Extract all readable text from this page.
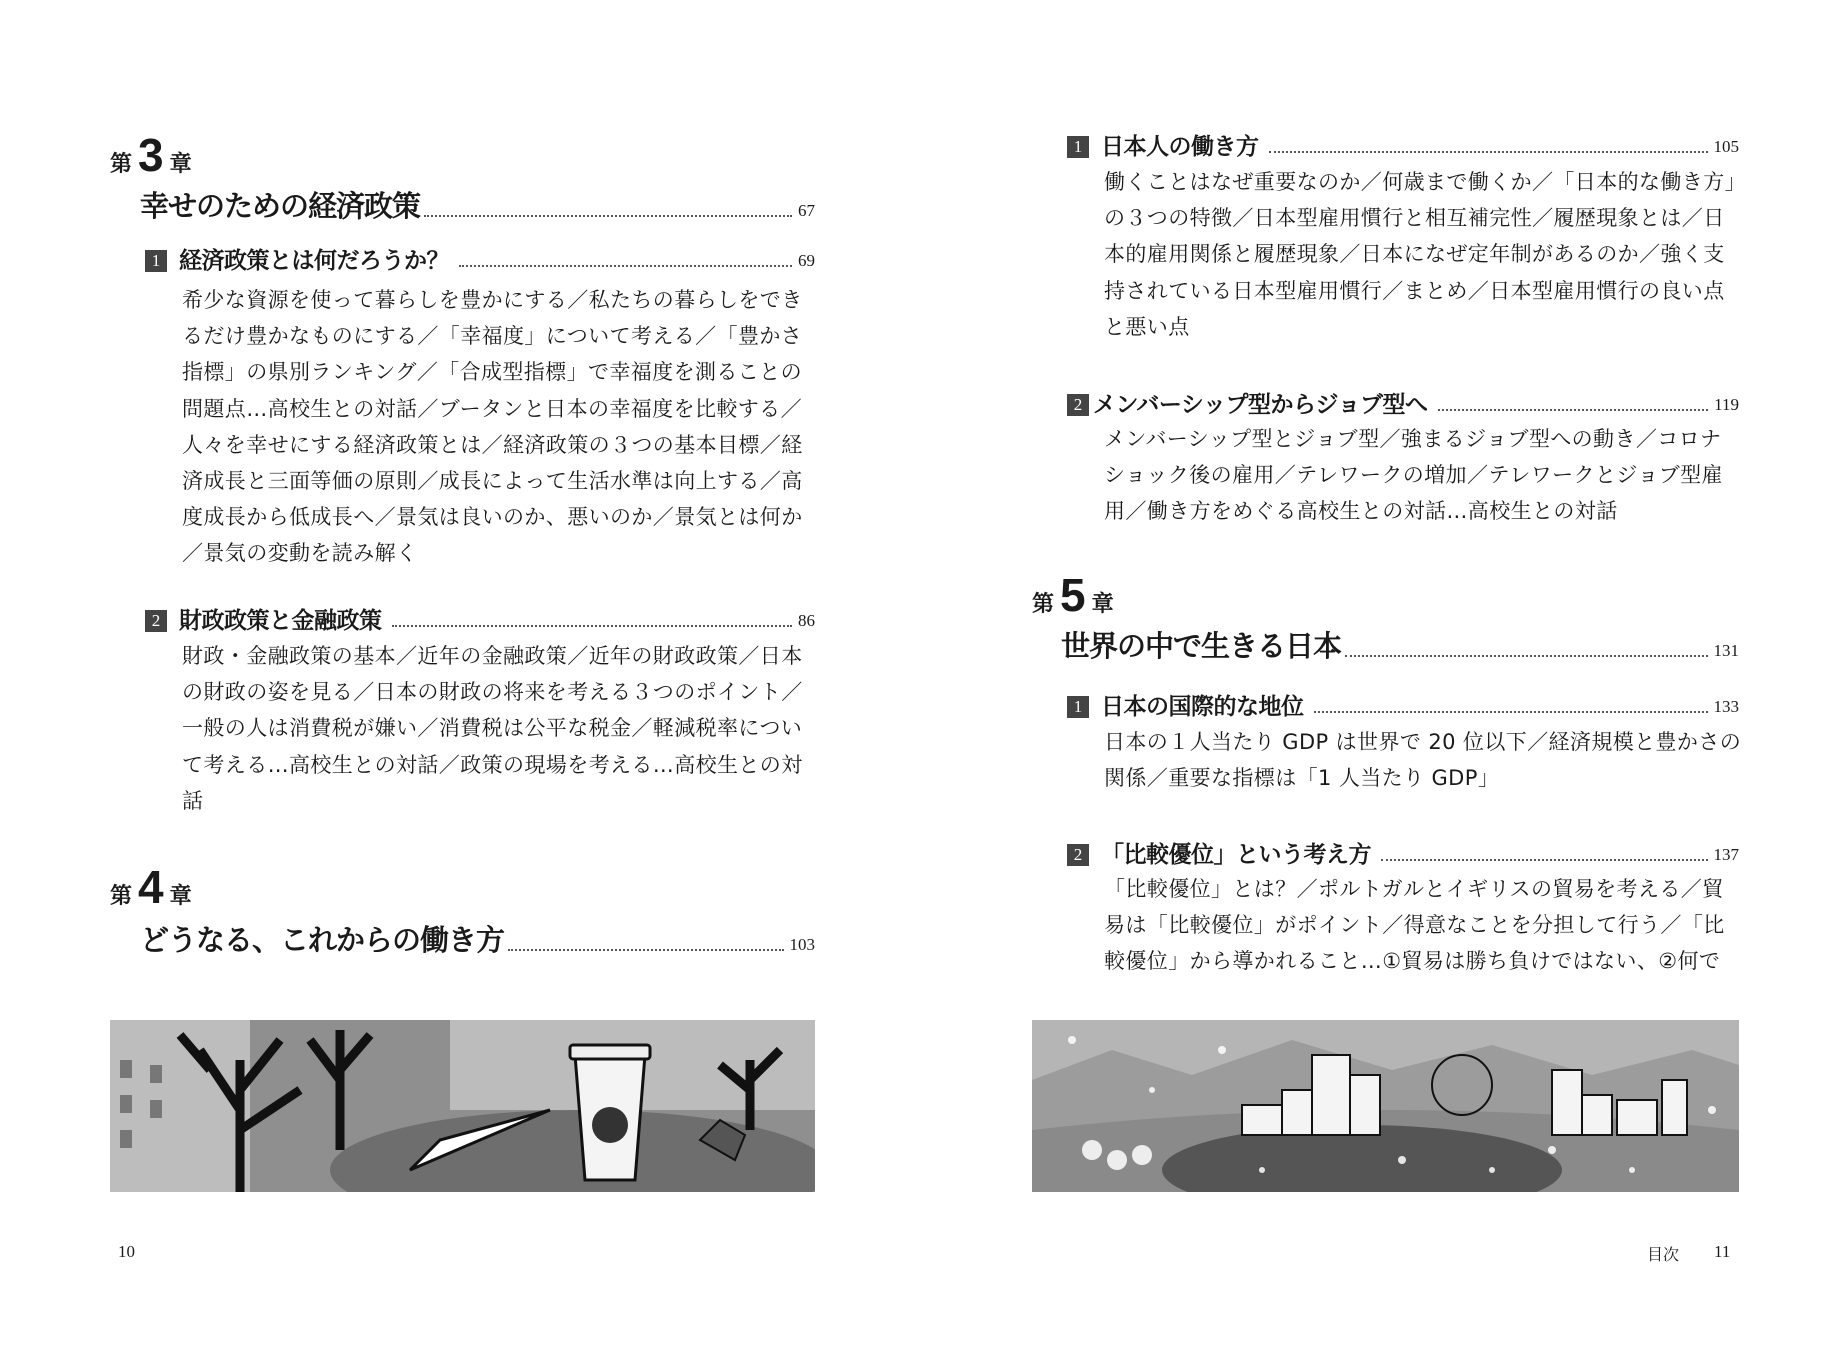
第 3 章
幸せのための経済政策	67
1 経済政策とは何だろうか？	69
希少な資源を使って暮らしを豊かにする／私たちの暮らしをでき
るだけ豊かなものにする／「幸福度」について考える／「豊かさ
指標」の県別ランキング／「合成型指標」で幸福度を測ることの
問題点…高校生との対話／ブータンと日本の幸福度を比較する／
人々を幸せにする経済政策とは／経済政策の３つの基本目標／経
済成長と三面等価の原則／成長によって生活水準は向上する／高
度成長から低成長へ／景気は良いのか、悪いのか／景気とは何か
／景気の変動を読み解く
2 財政政策と金融政策	86
財政・金融政策の基本／近年の金融政策／近年の財政政策／日本
の財政の姿を見る／日本の財政の将来を考える３つのポイント／
一般の人は消費税が嫌い／消費税は公平な税金／軽減税率につい
て考える…高校生との対話／政策の現場を考える…高校生との対
話
第 4 章
どうなる、これからの働き方	103
10
1 日本人の働き方	105
働くことはなぜ重要なのか／何歳まで働くか／「日本的な働き方」
の３つの特徴／日本型雇用慣行と相互補完性／履歴現象とは／日
本的雇用関係と履歴現象／日本になぜ定年制があるのか／強く支
持されている日本型雇用慣行／まとめ／日本型雇用慣行の良い点
と悪い点
2 メンバーシップ型からジョブ型へ	119
メンバーシップ型とジョブ型／強まるジョブ型への動き／コロナ
ショック後の雇用／テレワークの増加／テレワークとジョブ型雇
用／働き方をめぐる高校生との対話…高校生との対話
第 5 章
世界の中で生きる日本	131
1 日本の国際的な地位	133
日本の１人当たり GDP は世界で 20 位以下／経済規模と豊かさの
関係／重要な指標は「1 人当たり GDP」
2 「比較優位」という考え方	137
「比較優位」とは？／ポルトガルとイギリスの貿易を考える／貿
易は「比較優位」がポイント／得意なことを分担して行う／「比
較優位」から導かれること…①貿易は勝ち負けではない、②何で
目次 11
